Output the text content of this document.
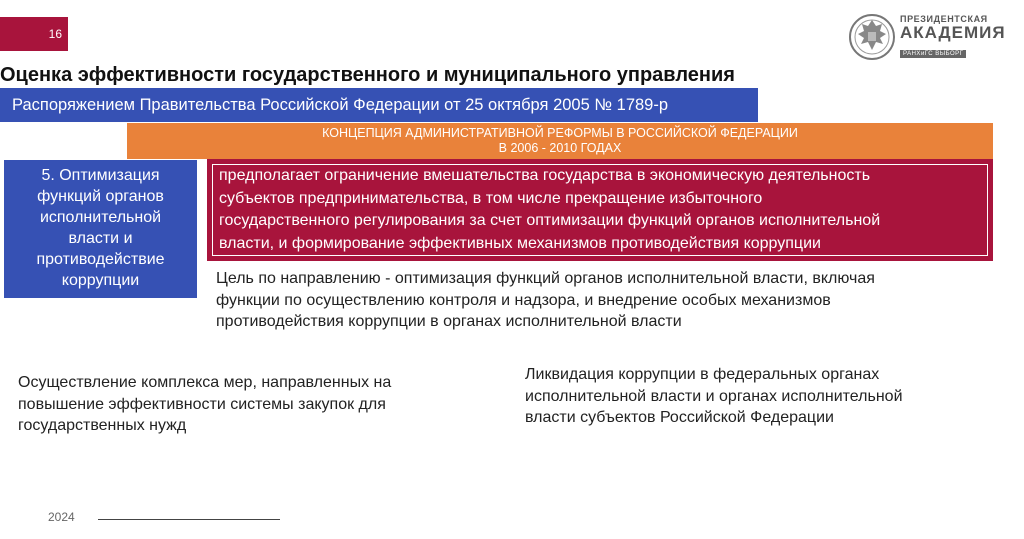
16
ПРЕЗИДЕНТСКАЯ
АКАДЕМИЯ
РАНХиГС ВЫБОРГ
Оценка эффективности государственного и муниципального управления
Распоряжением Правительства Российской Федерации от 25 октября 2005 № 1789-р
КОНЦЕПЦИЯ АДМИНИСТРАТИВНОЙ РЕФОРМЫ В РОССИЙСКОЙ ФЕДЕРАЦИИ
В 2006 - 2010 ГОДАХ
5. Оптимизация
функций органов
исполнительной
власти и
противодействие
коррупции
предполагает ограничение вмешательства государства в экономическую деятельность
субъектов предпринимательства, в том числе прекращение избыточного
государственного регулирования за счет оптимизации функций органов исполнительной
власти, и формирование эффективных механизмов противодействия коррупции
Цель по направлению - оптимизация функций органов исполнительной власти, включая
функции по осуществлению контроля и надзора, и внедрение особых механизмов
противодействия коррупции в органах исполнительной власти
Осуществление комплекса мер, направленных на
повышение эффективности системы закупок для
государственных нужд
Ликвидация коррупции в федеральных органах
исполнительной власти и органах исполнительной
власти субъектов Российской Федерации
2024
